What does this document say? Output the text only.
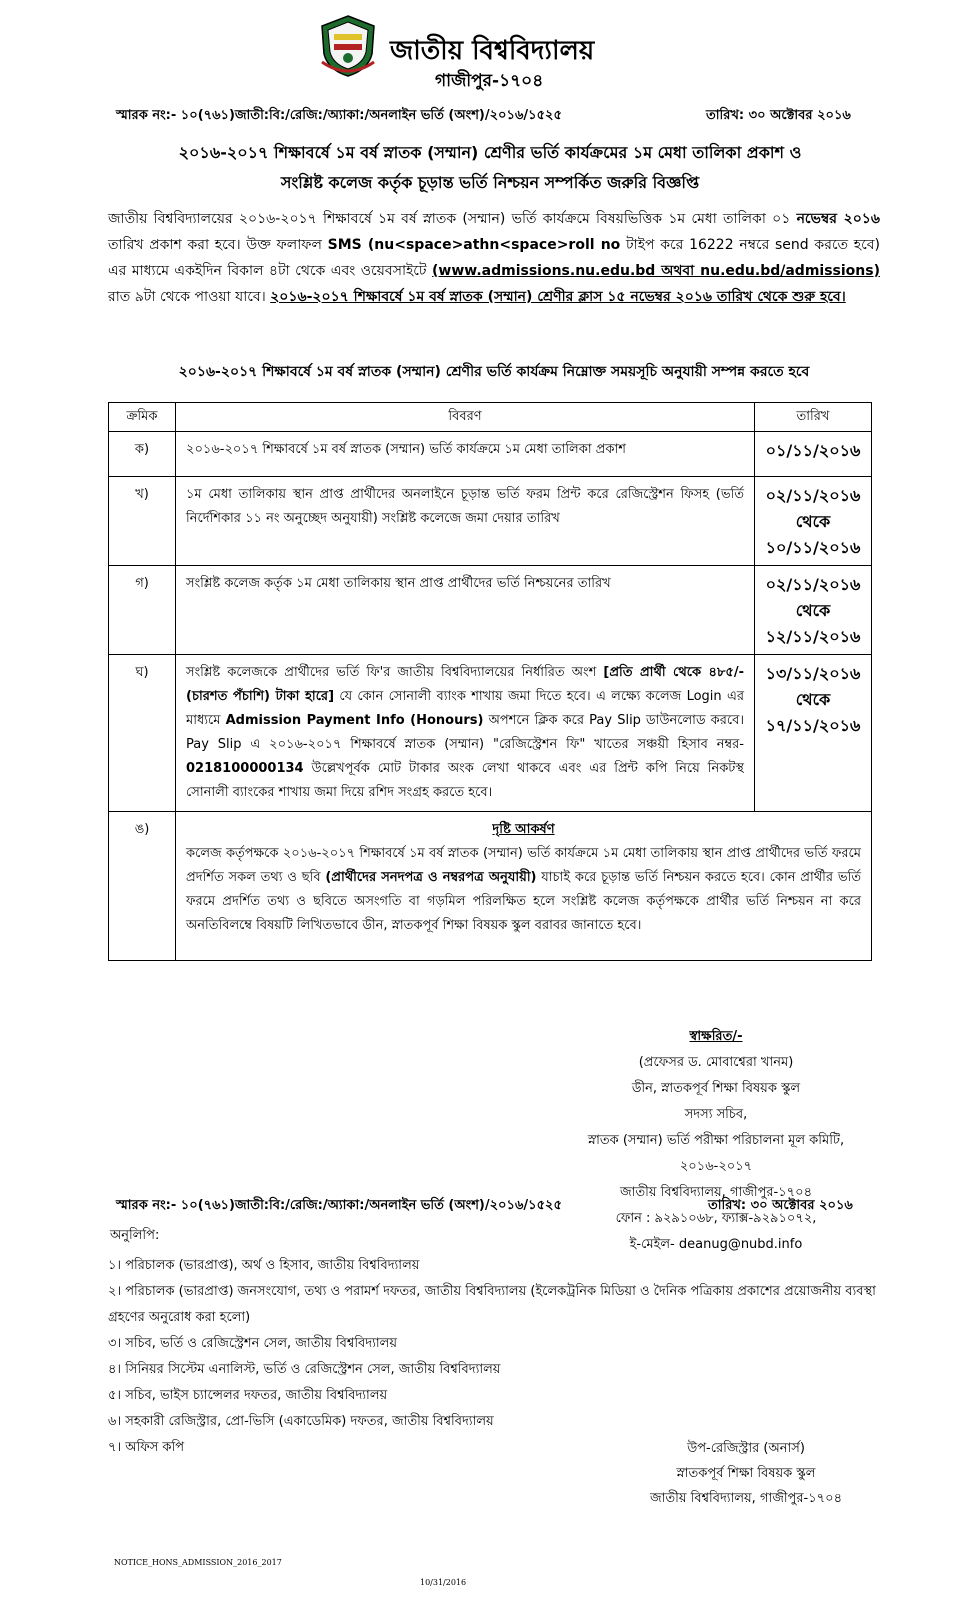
জাতীয় বিশ্ববিদ্যালয়
গাজীপুর-১৭০৪
স্মারক নং:- ১০(৭৬১)জাতী:বি:/রেজি:/অ্যাকা:/অনলাইন ভর্তি (অংশ)/২০১৬/১৫২৫	তারিখ: ৩০ অক্টোবর ২০১৬
২০১৬-২০১৭ শিক্ষাবর্ষে ১ম বর্ষ স্নাতক (সম্মান) শ্রেণীর ভর্তি কার্যক্রমের ১ম মেধা তালিকা প্রকাশ ও
সংশ্লিষ্ট কলেজ কর্তৃক চূড়ান্ত ভর্তি নিশ্চয়ন সম্পর্কিত জরুরি বিজ্ঞপ্তি
জাতীয় বিশ্ববিদ্যালয়ের ২০১৬-২০১৭ শিক্ষাবর্ষে ১ম বর্ষ স্নাতক (সম্মান) ভর্তি কার্যক্রমে বিষয়ভিত্তিক ১ম মেধা তালিকা ০১ নভেম্বর ২০১৬ তারিখ প্রকাশ করা হবে। উক্ত ফলাফল SMS (nu<space>athn<space>roll no টাইপ করে 16222 নম্বরে send করতে হবে) এর মাধ্যমে একইদিন বিকাল ৪টা থেকে এবং ওয়েবসাইটে (www.admissions.nu.edu.bd অথবা nu.edu.bd/admissions) রাত ৯টা থেকে পাওয়া যাবে। ২০১৬-২০১৭ শিক্ষাবর্ষে ১ম বর্ষ স্নাতক (সম্মান) শ্রেণীর ক্লাস ১৫ নভেম্বর ২০১৬ তারিখ থেকে শুরু হবে।
২০১৬-২০১৭ শিক্ষাবর্ষে ১ম বর্ষ স্নাতক (সম্মান) শ্রেণীর ভর্তি কার্যক্রম নিম্নোক্ত সময়সূচি অনুযায়ী সম্পন্ন করতে হবে
ক্রমিক	বিবরণ	তারিখ
ক)	২০১৬-২০১৭ শিক্ষাবর্ষে ১ম বর্ষ স্নাতক (সম্মান) ভর্তি কার্যক্রমে ১ম মেধা তালিকা প্রকাশ	০১/১১/২০১৬
খ)	১ম মেধা তালিকায় স্থান প্রাপ্ত প্রার্থীদের অনলাইনে চূড়ান্ত ভর্তি ফরম প্রিন্ট করে রেজিস্ট্রেশন ফিসহ (ভর্তি নির্দেশিকার ১১ নং অনুচ্ছেদ অনুযায়ী) সংশ্লিষ্ট কলেজে জমা দেয়ার তারিখ	০২/১১/২০১৬ থেকে ১০/১১/২০১৬
গ)	সংশ্লিষ্ট কলেজ কর্তৃক ১ম মেধা তালিকায় স্থান প্রাপ্ত প্রার্থীদের ভর্তি নিশ্চয়নের তারিখ	০২/১১/২০১৬ থেকে ১২/১১/২০১৬
ঘ)	সংশ্লিষ্ট কলেজকে প্রার্থীদের ভর্তি ফি'র জাতীয় বিশ্ববিদ্যালয়ের নির্ধারিত অংশ [প্রতি প্রার্থী থেকে ৪৮৫/- (চারশত পঁচাশি) টাকা হারে] যে কোন সোনালী ব্যাংক শাখায় জমা দিতে হবে। এ লক্ষ্যে কলেজ Login এর মাধ্যমে Admission Payment Info (Honours) অপশনে ক্লিক করে Pay Slip ডাউনলোড করবে। Pay Slip এ ২০১৬-২০১৭ শিক্ষাবর্ষে স্নাতক (সম্মান) "রেজিস্ট্রেশন ফি" খাতের সঞ্চয়ী হিসাব নম্বর- 0218100000134 উল্লেখপূর্বক মোট টাকার অংক লেখা থাকবে এবং এর প্রিন্ট কপি নিয়ে নিকটস্থ সোনালী ব্যাংকের শাখায় জমা দিয়ে রশিদ সংগ্রহ করতে হবে।	১৩/১১/২০১৬ থেকে ১৭/১১/২০১৬
ঙ)	দৃষ্টি আকর্ষণ
কলেজ কর্তৃপক্ষকে ২০১৬-২০১৭ শিক্ষাবর্ষে ১ম বর্ষ স্নাতক (সম্মান) ভর্তি কার্যক্রমে ১ম মেধা তালিকায় স্থান প্রাপ্ত প্রার্থীদের ভর্তি ফরমে প্রদর্শিত সকল তথ্য ও ছবি (প্রার্থীদের সনদপত্র ও নম্বরপত্র অনুযায়ী) যাচাই করে চূড়ান্ত ভর্তি নিশ্চয়ন করতে হবে। কোন প্রার্থীর ভর্তি ফরমে প্রদর্শিত তথ্য ও ছবিতে অসংগতি বা গড়মিল পরিলক্ষিত হলে সংশ্লিষ্ট কলেজ কর্তৃপক্ষকে প্রার্থীর ভর্তি নিশ্চয়ন না করে অনতিবিলম্বে বিষয়টি লিখিতভাবে ডীন, স্নাতকপূর্ব শিক্ষা বিষয়ক স্কুল বরাবর জানাতে হবে।	
স্বাক্ষরিত/-
(প্রফেসর ড. মোবাশ্বেরা খানম)
ডীন, স্নাতকপূর্ব শিক্ষা বিষয়ক স্কুল
সদস্য সচিব,
স্নাতক (সম্মান) ভর্তি পরীক্ষা পরিচালনা মূল কমিটি, ২০১৬-২০১৭
জাতীয় বিশ্ববিদ্যালয়, গাজীপুর-১৭০৪
ফোন : ৯২৯১০৬৮, ফ্যাক্স-৯২৯১০৭২,
ই-মেইল- deanug@nubd.info
স্মারক নং:- ১০(৭৬১)জাতী:বি:/রেজি:/অ্যাকা:/অনলাইন ভর্তি (অংশ)/২০১৬/১৫২৫	তারিখ: ৩০ অক্টোবর ২০১৬
অনুলিপি:
১। পরিচালক (ভারপ্রাপ্ত), অর্থ ও হিসাব, জাতীয় বিশ্ববিদ্যালয়
২। পরিচালক (ভারপ্রাপ্ত) জনসংযোগ, তথ্য ও পরামর্শ দফতর, জাতীয় বিশ্ববিদ্যালয় (ইলেকট্রনিক মিডিয়া ও দৈনিক পত্রিকায় প্রকাশের প্রয়োজনীয় ব্যবস্থা গ্রহণের অনুরোধ করা হলো)
৩। সচিব, ভর্তি ও রেজিস্ট্রেশন সেল, জাতীয় বিশ্ববিদ্যালয়
৪। সিনিয়র সিস্টেম এনালিস্ট, ভর্তি ও রেজিস্ট্রেশন সেল, জাতীয় বিশ্ববিদ্যালয়
৫। সচিব, ভাইস চ্যান্সেলর দফতর, জাতীয় বিশ্ববিদ্যালয়
৬। সহকারী রেজিস্ট্রার, প্রো-ভিসি (একাডেমিক) দফতর, জাতীয় বিশ্ববিদ্যালয়
৭। অফিস কপি	উপ-রেজিস্ট্রার (অনার্স)
স্নাতকপূর্ব শিক্ষা বিষয়ক স্কুল
জাতীয় বিশ্ববিদ্যালয়, গাজীপুর-১৭০৪
NOTICE_HONS_ADMISSION_2016_2017
10/31/2016
